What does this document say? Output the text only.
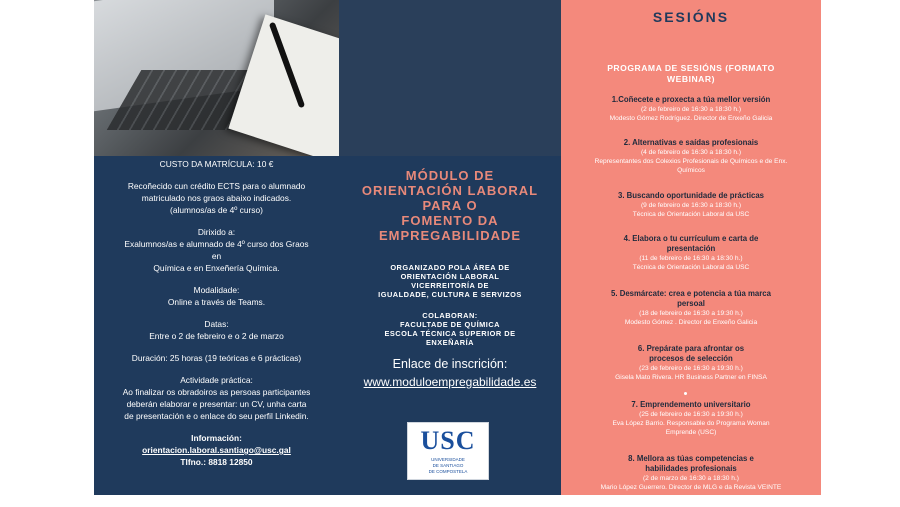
CUSTO DA MATRÍCULA: 10 €

Recoñecido cun crédito ECTS para o alumnado
matriculado nos graos abaixo indicados.
(alumnos/as de 4º curso)

Dirixido a:
Exalumnos/as e alumnado de 4º curso dos Graos
en
Química e en Enxeñería Química.

Modalidade:
Online a través de Teams.

Datas:
Entre o 2 de febreiro e o 2 de marzo

Duración: 25 horas (19 teóricas e 6 prácticas)

Actividade práctica:
Ao finalizar os obradoiros as persoas participantes
deberán elaborar e presentar: un CV, unha carta
de presentación e o enlace do seu perfil Linkedin.

Información:
orientacion.laboral.santiago@usc.gal
Tlfno.: 8818 12850
MÓDULO DE
ORIENTACIÓN LABORAL
PARA O
FOMENTO DA
EMPREGABILIDADE
ORGANIZADO POLA ÁREA DE
ORIENTACIÓN LABORAL
VICERREITORÍA DE
IGUALDADE, CULTURA E SERVIZOS
COLABORAN:
FACULTADE DE QUÍMICA
ESCOLA TÉCNICA SUPERIOR DE
ENXEÑARÍA
Enlace de inscrición:
www.moduloempregabilidade.es
USC
UNIVERSIDADE
DE SANTIAGO
DE COMPOSTELA
SESIÓNS
PROGRAMA DE SESIÓNS (FORMATO
WEBINAR)
1.Coñecete e proxecta a túa mellor versión
(2 de febreiro de 16:30 a 18:30 h.)
Modesto Gómez Rodríguez. Director de Enxeño Galicia
2. Alternativas e saídas profesionais
(4 de febreiro de 16:30 a 18:30 h.)
Representantes dos Colexios Profesionais de Químicos e de Enx.
Químicos
3. Buscando oportunidade de prácticas
(9 de febreiro de 16:30 a 18:30 h.)
Técnica de Orientación Laboral da USC
4. Elabora o tu currículum e carta de
presentación
(11 de febreiro de 16:30 a 18:30 h.)
Técnica de Orientación Laboral da USC
5. Desmárcate: crea e potencia a túa marca
persoal
(18 de febreiro de 16:30 a 19:30 h.)
Modesto Gómez . Director de Enxeño Galicia
6. Prepárate para afrontar os
procesos de selección
(23 de febreiro de 16:30 a 19:30 h.)
Gisela Mato Rivera. HR Business Partner en FINSA
7. Emprendemento universitario
(25 de febreiro de 16:30 a 19:30 h.)
Eva López Barrio. Responsable do Programa Woman
Emprende (USC)
8. Mellora as túas competencias e
habilidades profesionais
(2 de marzo de 16:30 a 18:30 h.)
Mario López Guerrero. Director de MLG e da Revista VEINTE
